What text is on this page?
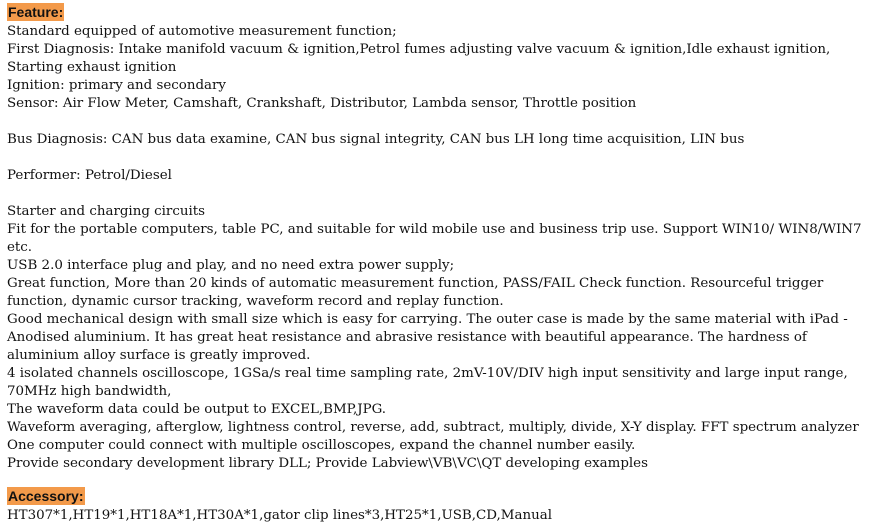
Feature:
Standard equipped of automotive measurement function;
First Diagnosis: Intake manifold vacuum & ignition,Petrol fumes adjusting valve vacuum & ignition,Idle exhaust ignition, Starting exhaust ignition
Ignition: primary and secondary
Sensor: Air Flow Meter, Camshaft, Crankshaft, Distributor, Lambda sensor, Throttle position
Bus Diagnosis: CAN bus data examine, CAN bus signal integrity, CAN bus LH long time acquisition, LIN bus
Performer: Petrol/Diesel
Starter and charging circuits
Fit for the portable computers, table PC, and suitable for wild mobile use and business trip use. Support WIN10/ WIN8/WIN7 etc.
USB 2.0 interface plug and play, and no need extra power supply;
Great function, More than 20 kinds of automatic measurement function, PASS/FAIL Check function. Resourceful trigger function, dynamic cursor tracking, waveform record and replay function.
Good mechanical design with small size which is easy for carrying. The outer case is made by the same material with iPad - Anodised aluminium. It has great heat resistance and abrasive resistance with beautiful appearance. The hardness of aluminium alloy surface is greatly improved.
4 isolated channels oscilloscope, 1GSa/s real time sampling rate, 2mV-10V/DIV high input sensitivity and large input range, 70MHz high bandwidth,
The waveform data could be output to EXCEL,BMP,JPG.
Waveform averaging, afterglow, lightness control, reverse, add, subtract, multiply, divide, X-Y display. FFT spectrum analyzer
One computer could connect with multiple oscilloscopes, expand the channel number easily.
Provide secondary development library DLL; Provide Labview\VB\VC\QT developing examples
Accessory:
HT307*1,HT19*1,HT18A*1,HT30A*1,gator clip lines*3,HT25*1,USB,CD,Manual
